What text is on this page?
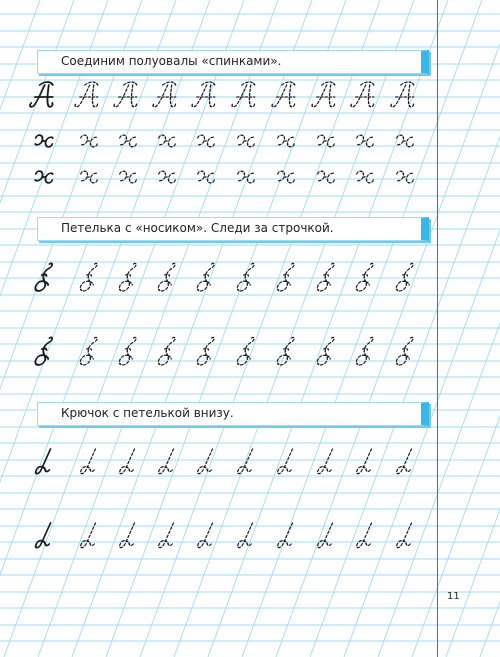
Соединим полуовалы «спинками».
Петелька с «носиком». Следи за строчкой.
Крючок с петелькой внизу.
11
